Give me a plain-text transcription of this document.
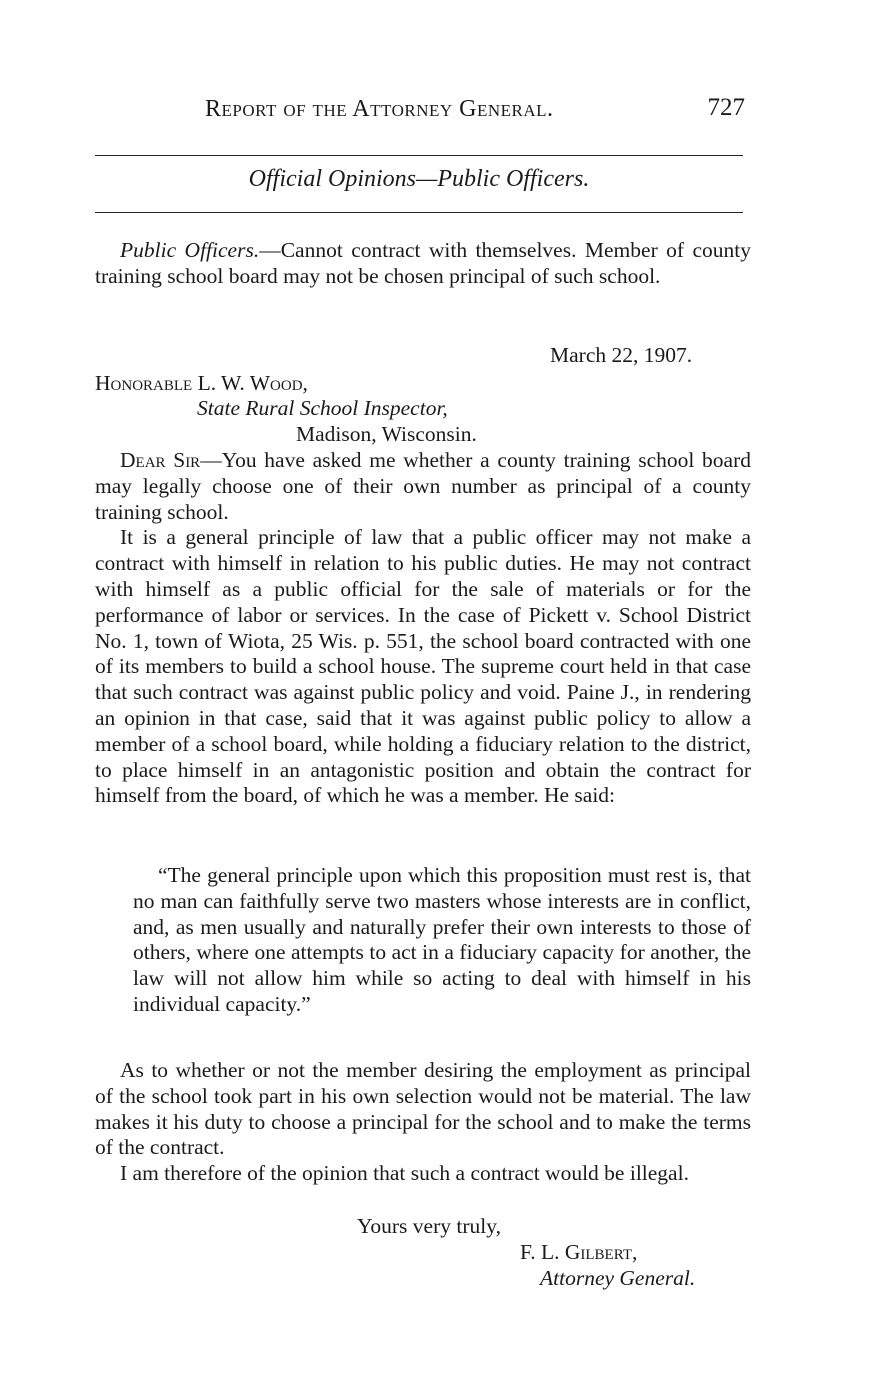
Report of the Attorney General.	727
Official Opinions—Public Officers.

Public Officers.—Cannot contract with themselves. Member of county training school board may not be chosen principal of such school.

March 22, 1907.
Honorable L. W. Wood,
State Rural School Inspector,
Madison, Wisconsin.

Dear Sir—You have asked me whether a county training school board may legally choose one of their own number as principal of a county training school.

It is a general principle of law that a public officer may not make a contract with himself in relation to his public duties. He may not contract with himself as a public official for the sale of materials or for the performance of labor or services. In the case of Pickett v. School District No. 1, town of Wiota, 25 Wis. p. 551, the school board contracted with one of its members to build a school house. The supreme court held in that case that such contract was against public policy and void. Paine J., in rendering an opinion in that case, said that it was against public policy to allow a member of a school board, while holding a fiduciary relation to the district, to place himself in an antagonistic position and obtain the contract for himself from the board, of which he was a member. He said:

“The general principle upon which this proposition must rest is, that no man can faithfully serve two masters whose interests are in conflict, and, as men usually and naturally prefer their own interests to those of others, where one attempts to act in a fiduciary capacity for another, the law will not allow him while so acting to deal with himself in his individual capacity.”

As to whether or not the member desiring the employment as principal of the school took part in his own selection would not be material. The law makes it his duty to choose a principal for the school and to make the terms of the contract.

I am therefore of the opinion that such a contract would be illegal.

Yours very truly,
F. L. Gilbert,
Attorney General.
